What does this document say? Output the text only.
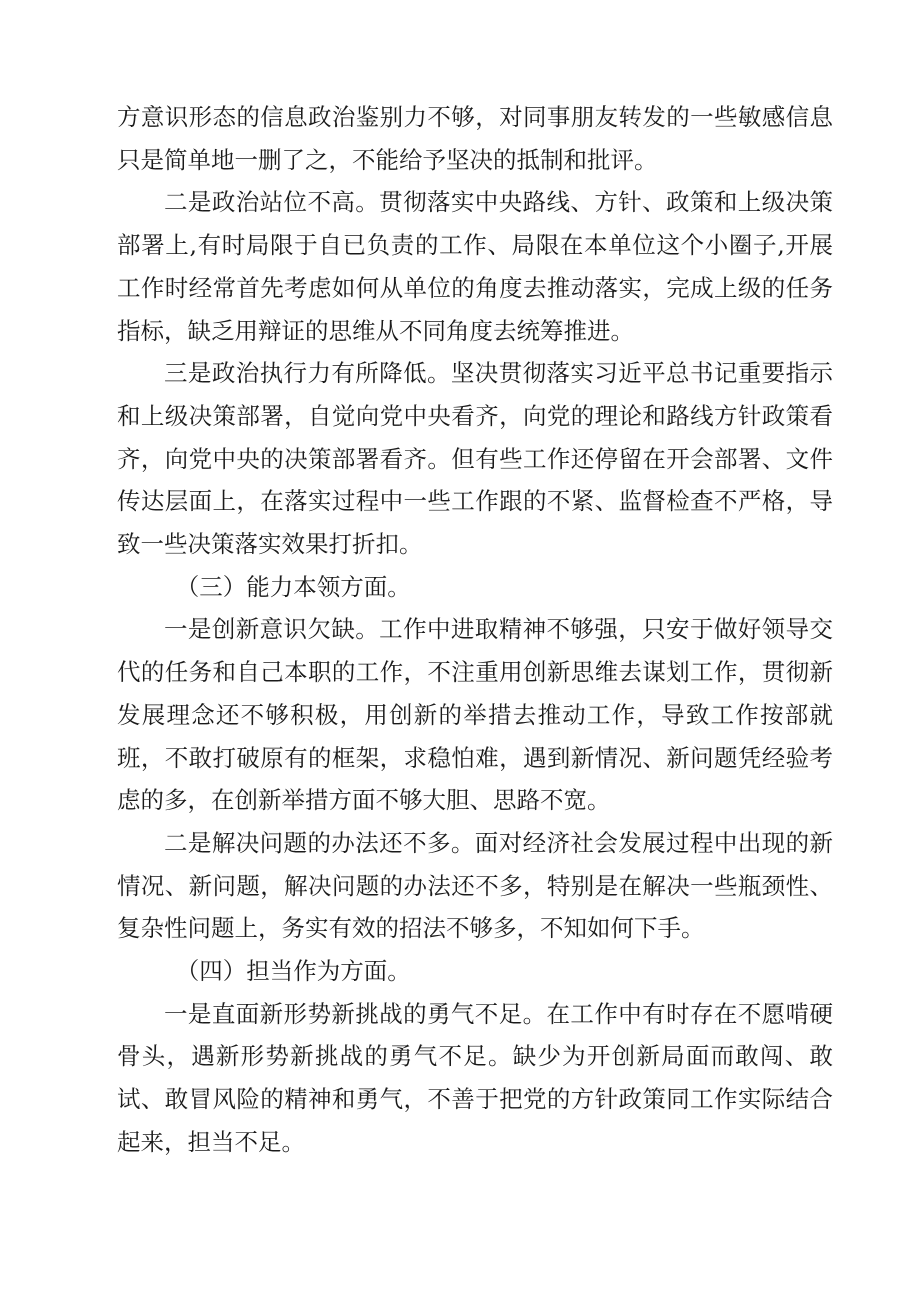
方意识形态的信息政治鉴别力不够，对同事朋友转发的一些敏感信息只是简单地一删了之，不能给予坚决的抵制和批评。

二是政治站位不高。贯彻落实中央路线、方针、政策和上级决策部署上,有时局限于自已负责的工作、局限在本单位这个小圈子,开展工作时经常首先考虑如何从单位的角度去推动落实，完成上级的任务指标，缺乏用辩证的思维从不同角度去统筹推进。

三是政治执行力有所降低。坚决贯彻落实习近平总书记重要指示和上级决策部署，自觉向党中央看齐，向党的理论和路线方针政策看齐，向党中央的决策部署看齐。但有些工作还停留在开会部署、文件传达层面上，在落实过程中一些工作跟的不紧、监督检查不严格，导致一些决策落实效果打折扣。

（三）能力本领方面。

一是创新意识欠缺。工作中进取精神不够强，只安于做好领导交代的任务和自己本职的工作，不注重用创新思维去谋划工作，贯彻新发展理念还不够积极，用创新的举措去推动工作，导致工作按部就班，不敢打破原有的框架，求稳怕难，遇到新情况、新问题凭经验考虑的多，在创新举措方面不够大胆、思路不宽。

二是解决问题的办法还不多。面对经济社会发展过程中出现的新情况、新问题，解决问题的办法还不多，特别是在解决一些瓶颈性、复杂性问题上，务实有效的招法不够多，不知如何下手。

（四）担当作为方面。

一是直面新形势新挑战的勇气不足。在工作中有时存在不愿啃硬骨头，遇新形势新挑战的勇气不足。缺少为开创新局面而敢闯、敢试、敢冒风险的精神和勇气，不善于把党的方针政策同工作实际结合起来，担当不足。
